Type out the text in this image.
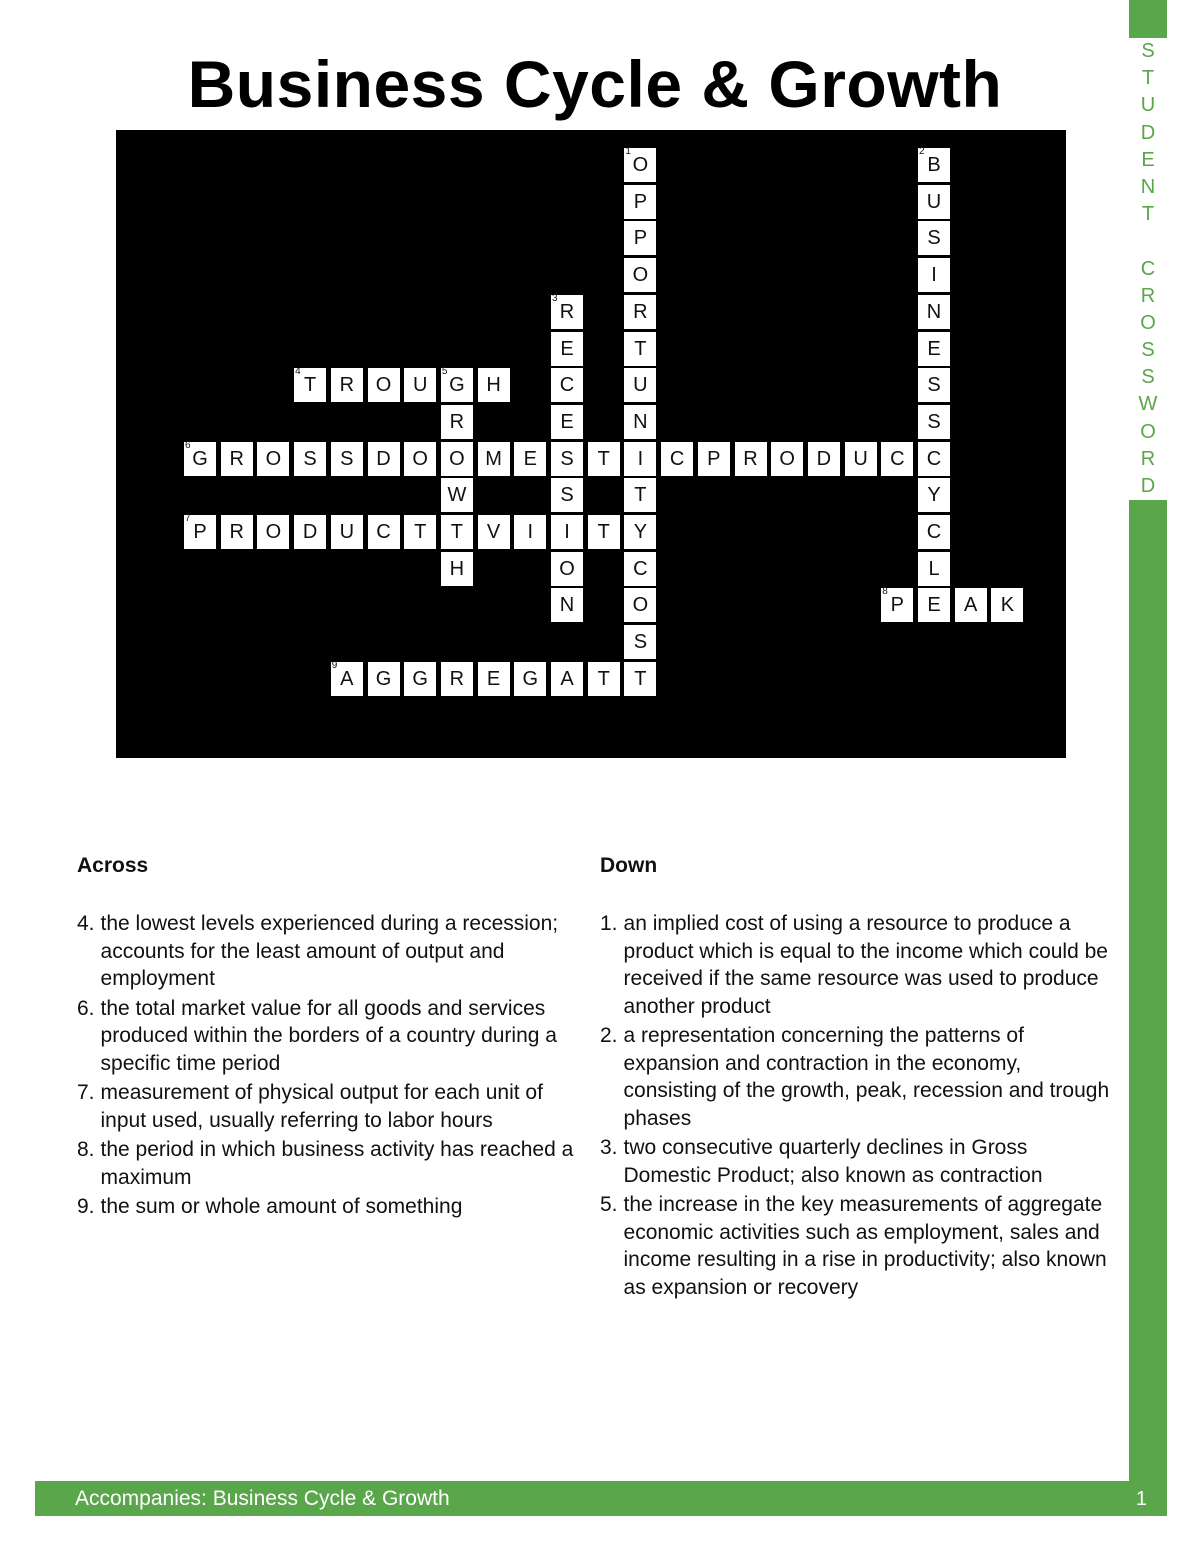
Business Cycle & Growth
1
O
P
P
O
R
T
U
N
I
T
Y
C
O
S
T
2
B
U
S
I
N
E
S
S
C
Y
C
L
E
3
R
E
C
E
S
S
I
O
N
4
T	R	O	U
5
G	H
R
O
W
T
H
6
G	R	O	S	S	D	O	M	E	T	C	P	R	O	D	U	C
7
P	R	O	D	U	C	T	V	I	T
8
P	A	K
9
A	G	G	R	E	G	A	T
Across
4. the lowest levels experienced during a recession; accounts for the least amount of output and employment
6. the total market value for all goods and services produced within the borders of a country during a specific time period
7. measurement of physical output for each unit of input used, usually referring to labor hours
8. the period in which business activity has reached a maximum
9. the sum or whole amount of something
Down
1. an implied cost of using a resource to produce a product which is equal to the income which could be received if the same resource was used to produce another product
2. a representation concerning the patterns of expansion and contraction in the economy, consisting of the growth, peak, recession and trough phases
3. two consecutive quarterly declines in Gross Domestic Product; also known as contraction
5. the increase in the key measurements of aggregate economic activities such as employment, sales and income resulting in a rise in productivity; also known as expansion or recovery
S
T
U
D
E
N
T

C
R
O
S
S
W
O
R
D
Accompanies: Business Cycle & Growth	1
